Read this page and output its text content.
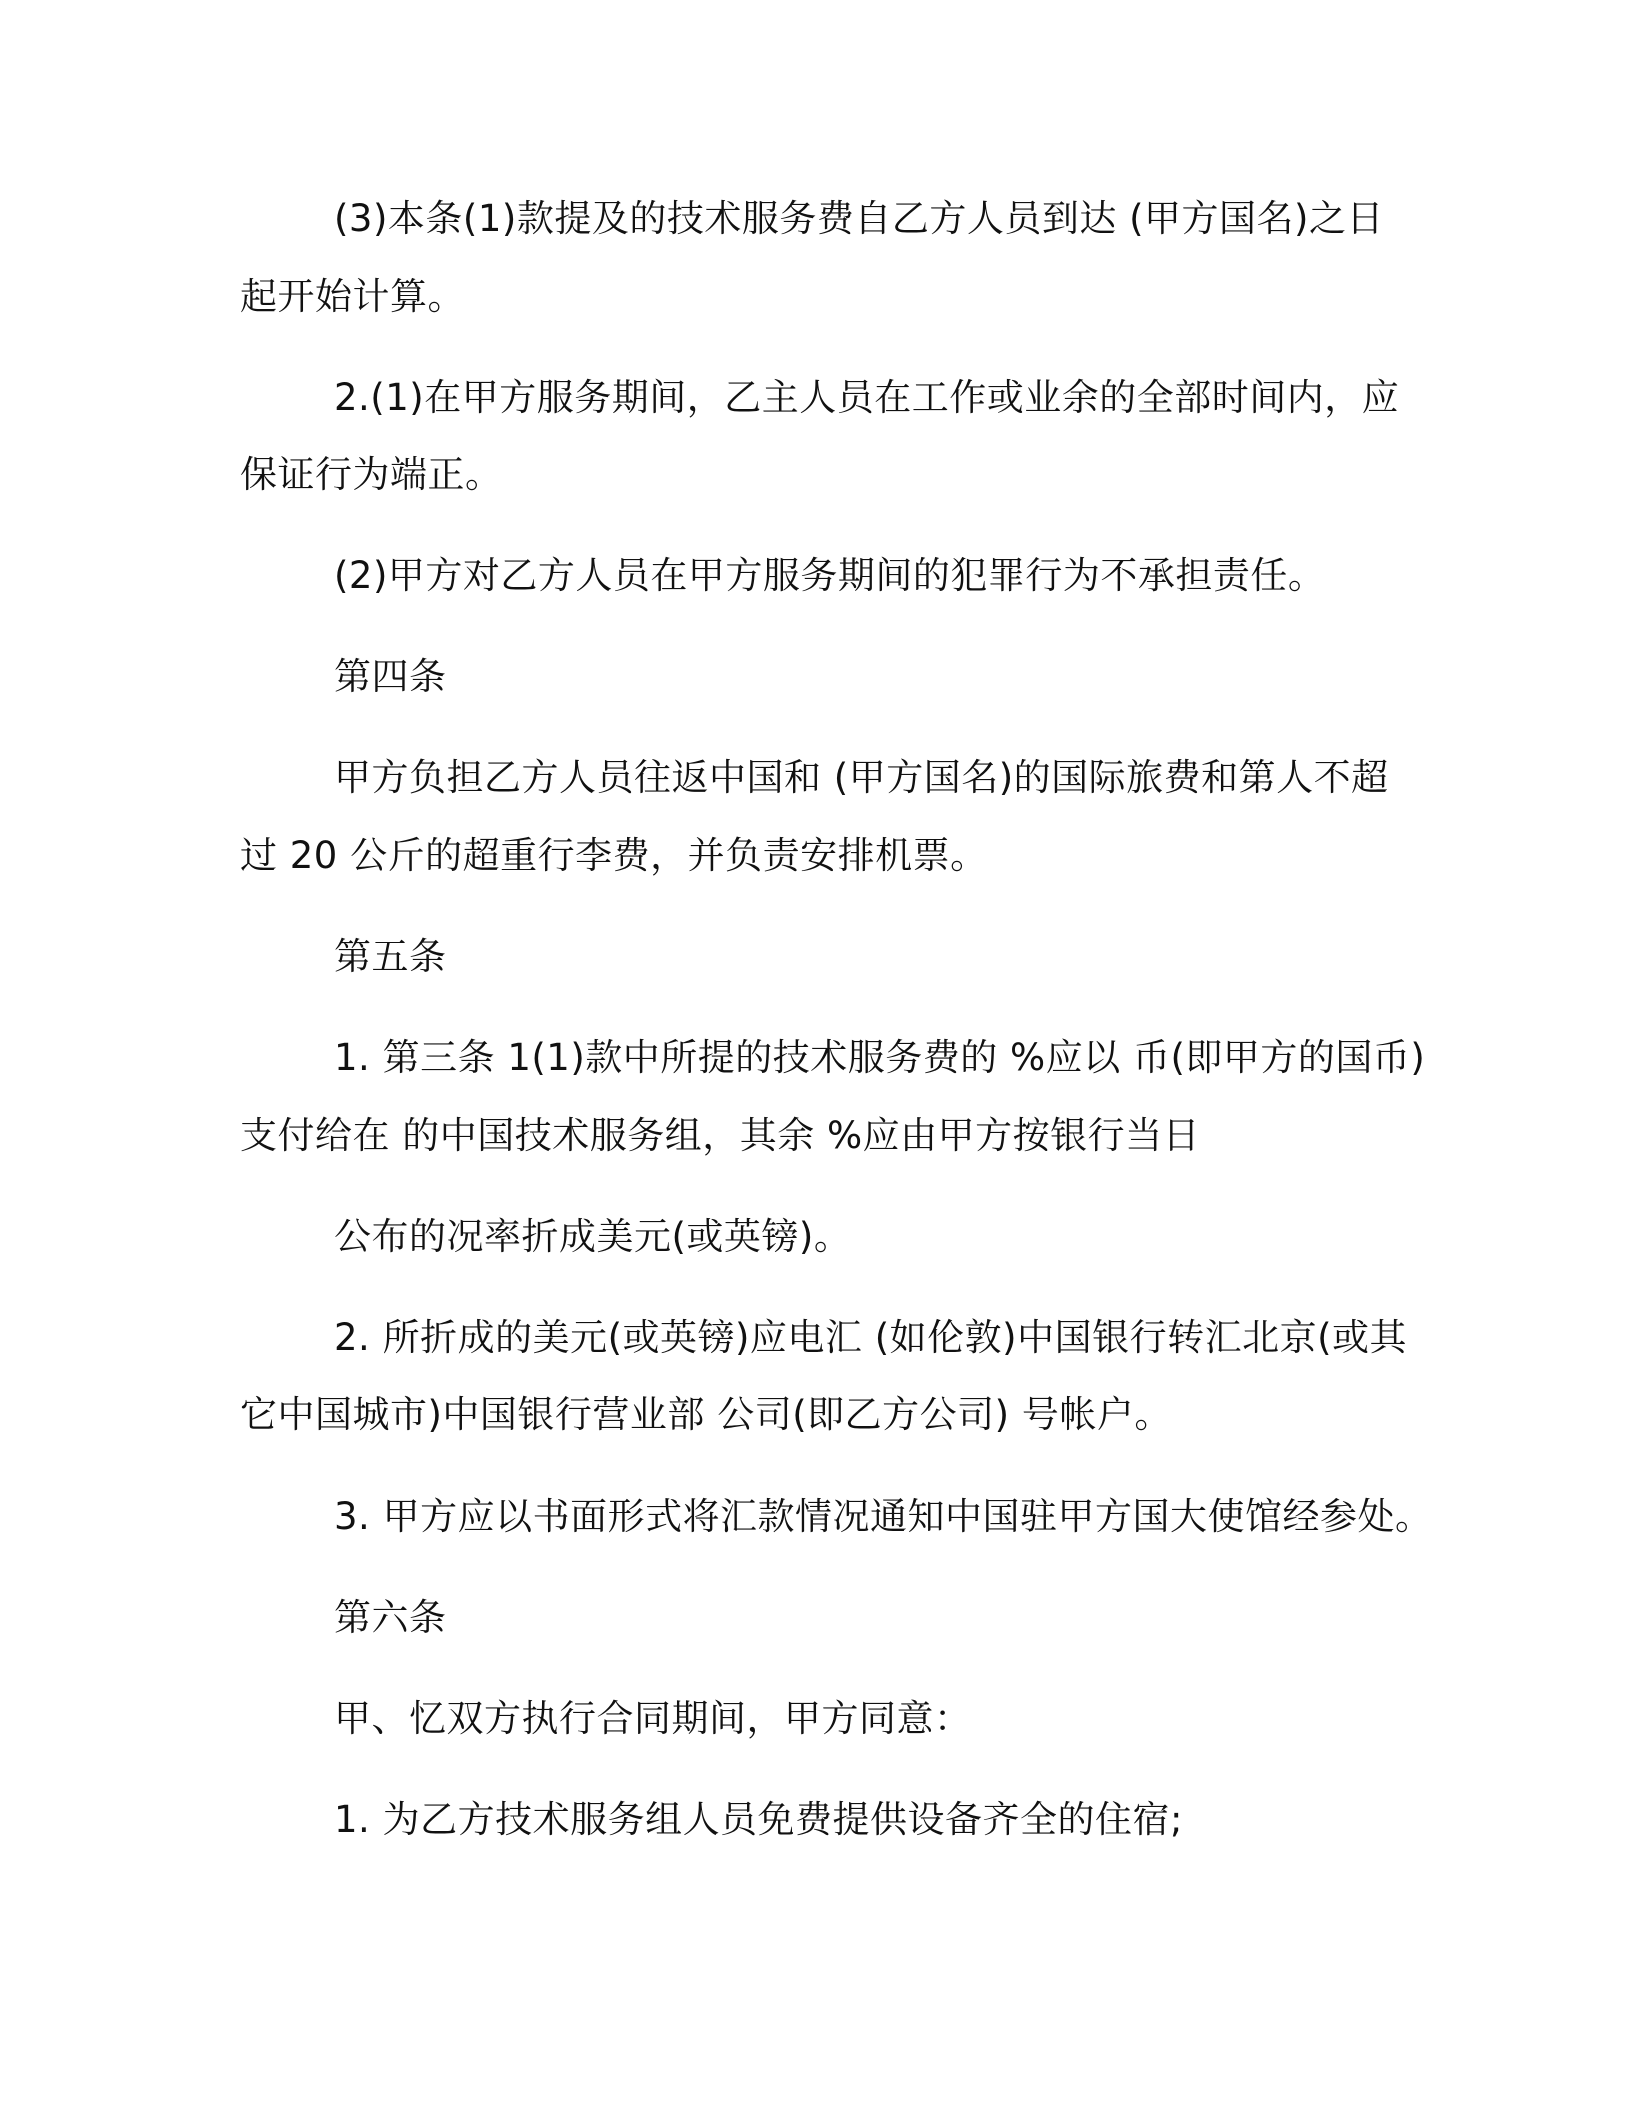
(3)本条(1)款提及的技术服务费自乙方人员到达 (甲方国名)之日
起开始计算。
2.(1)在甲方服务期间，乙主人员在工作或业余的全部时间内，应
保证行为端正。
(2)甲方对乙方人员在甲方服务期间的犯罪行为不承担责任。
第四条
甲方负担乙方人员往返中国和 (甲方国名)的国际旅费和第人不超
过 20 公斤的超重行李费，并负责安排机票。
第五条
1. 第三条 1(1)款中所提的技术服务费的 %应以 币(即甲方的国币)
支付给在 的中国技术服务组，其余 %应由甲方按银行当日
公布的况率折成美元(或英镑)。
2. 所折成的美元(或英镑)应电汇 (如伦敦)中国银行转汇北京(或其
它中国城市)中国银行营业部 公司(即乙方公司) 号帐户。
3. 甲方应以书面形式将汇款情况通知中国驻甲方国大使馆经参处。
第六条
甲、忆双方执行合同期间，甲方同意：
1. 为乙方技术服务组人员免费提供设备齐全的住宿;
